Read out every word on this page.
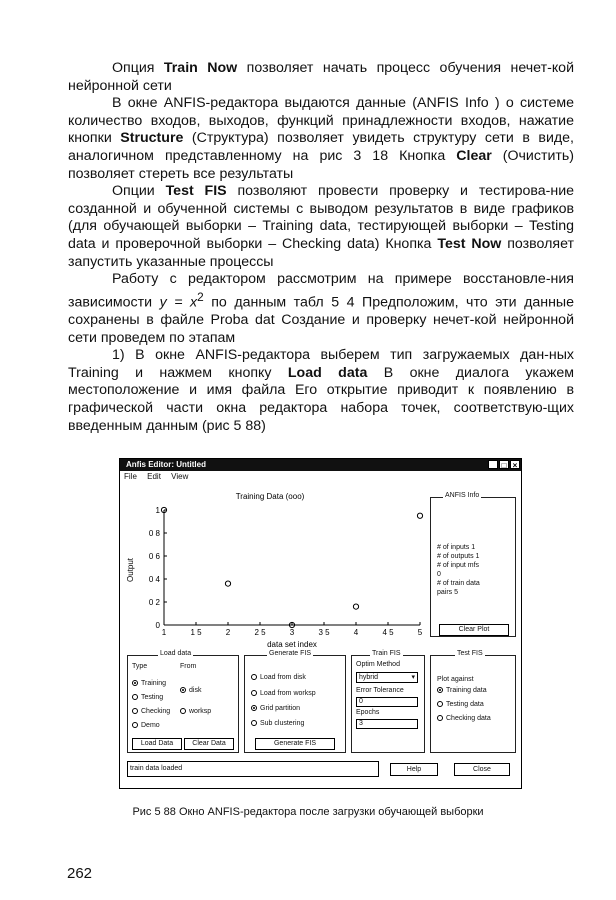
Опция Train Now позволяет начать процесс обучения нечет-кой нейронной сети

В окне ANFIS-редактора выдаются данные (ANFIS Info ) о системе количество входов, выходов, функций принадлежности входов, нажатие кнопки Structure (Структура) позволяет увидеть структуру сети в виде, аналогичном представленному на рис 3 18 Кнопка Clear (Очистить) позволяет стереть все результаты

Опции Test FIS позволяют провести проверку и тестирова-ние созданной и обученной системы с выводом результатов в виде графиков (для обучающей выборки – Training data, тестирующей выборки – Testing data и проверочной выборки – Checking data) Кнопка Test Now позволяет запустить указанные процессы

Работу с редактором рассмотрим на примере восстановле-ния зависимости $y = x^2$ по данным табл 5 4 Предположим, что эти данные сохранены в файле Proba dat Создание и проверку нечет-кой нейронной сети проведем по этапам

1) В окне ANFIS-редактора выберем тип загружаемых дан-ных Training и нажмем кнопку Load data В окне диалога укажем местоположение и имя файла Его открытие приводит к появлению в графической части окна редактора набора точек, соответствую-щих введенным данным (рис 5 88)

Anfis Editor: Untitled	_ □ ×
File Edit View
Training Data (ooo)
Output
data set index
1	1 5	2	2 5	3	3 5	4	4 5	5
0
0 2
0 4
0 6
0 8
1
ANFIS Info
# of inputs 1
# of outputs 1
# of input mfs
0
# of train data
pairs 5
Clear Plot
Load data
Type	From
Training
Testing
Checking
Demo
disk
worksp
Load Data	Clear Data
Generate FIS
Load from disk
Load from worksp
Grid partition
Sub clustering
Generate FIS
Train FIS
Optim Method
hybrid	▾
Error Tolerance
0
Epochs
3
Test FIS
Plot against
Training data
Testing data
Checking data
train data loaded	Help	Close
Рис 5 88 Окно ANFIS-редактора после загрузки обучающей выборки
262
